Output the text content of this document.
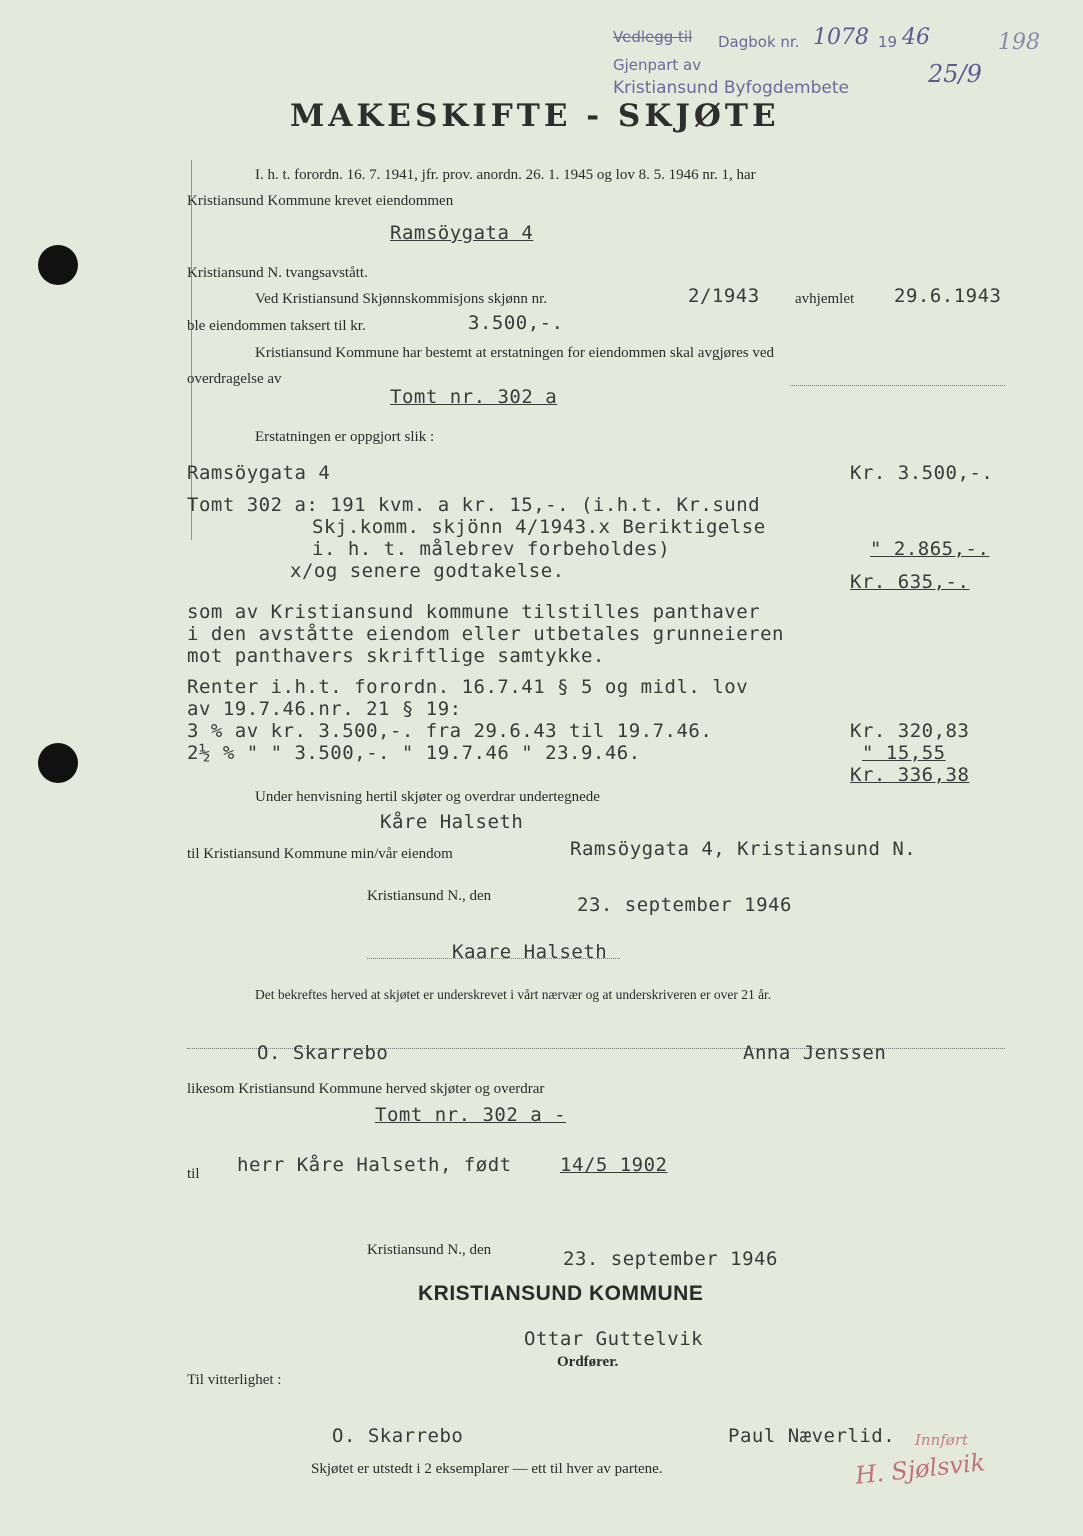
Vedlegg til Dagbok nr. 1078 19 46
Gjenpart av
Kristiansund Byfogdembete	25/9
198
MAKESKIFTE - SKJØTE
I. h. t. forordn. 16. 7. 1941, jfr. prov. anordn. 26. 1. 1945 og lov 8. 5. 1946 nr. 1, har
Kristiansund Kommune krevet eiendommen
Ramsöygata 4
Kristiansund N. tvangsavstått.
Ved Kristiansund Skjønnskommisjons skjønn nr.	2/1943 avhjemlet 29.6.1943
ble eiendommen taksert til kr.	3.500,-.
Kristiansund Kommune har bestemt at erstatningen for eiendommen skal avgjøres ved
overdragelse av
Tomt nr. 302 a
Erstatningen er oppgjort slik :
Ramsöygata 4	Kr. 3.500,-.
Tomt 302 a: 191 kvm. a kr. 15,-. (i.h.t. Kr.sund
Skj.komm. skjönn 4/1943.x Beriktigelse
i. h. t. målebrev forbeholdes)	" 2.865,-.
x/og senere godtakelse.	Kr. 635,-.
som av Kristiansund kommune tilstilles panthaver
i den avståtte eiendom eller utbetales grunneieren
mot panthavers skriftlige samtykke.
Renter i.h.t. forordn. 16.7.41 § 5 og midl. lov
av 19.7.46.nr. 21 § 19:
3 % av kr. 3.500,-. fra 29.6.43 til 19.7.46.	Kr. 320,83
2½ % " " 3.500,-. " 19.7.46 " 23.9.46.	" 15,55
Kr. 336,38
Under henvisning hertil skjøter og overdrar undertegnede
Kåre Halseth
til Kristiansund Kommune min/vår eiendom	Ramsöygata 4, Kristiansund N.
Kristiansund N., den	23. september 1946
Kaare Halseth
Det bekreftes herved at skjøtet er underskrevet i vårt nærvær og at underskriveren er over 21 år.
O. Skarrebo	Anna Jenssen
likesom Kristiansund Kommune herved skjøter og overdrar
Tomt nr. 302 a -
til herr Kåre Halseth, født	14/5 1902
Kristiansund N., den	23. september 1946
KRISTIANSUND KOMMUNE
Ottar Guttelvik
Ordfører.
Til vitterlighet :
O. Skarrebo	Paul Næverlid.
Skjøtet er utstedt i 2 eksemplarer — ett til hver av partene.
Innført
H. Sjølsvik
